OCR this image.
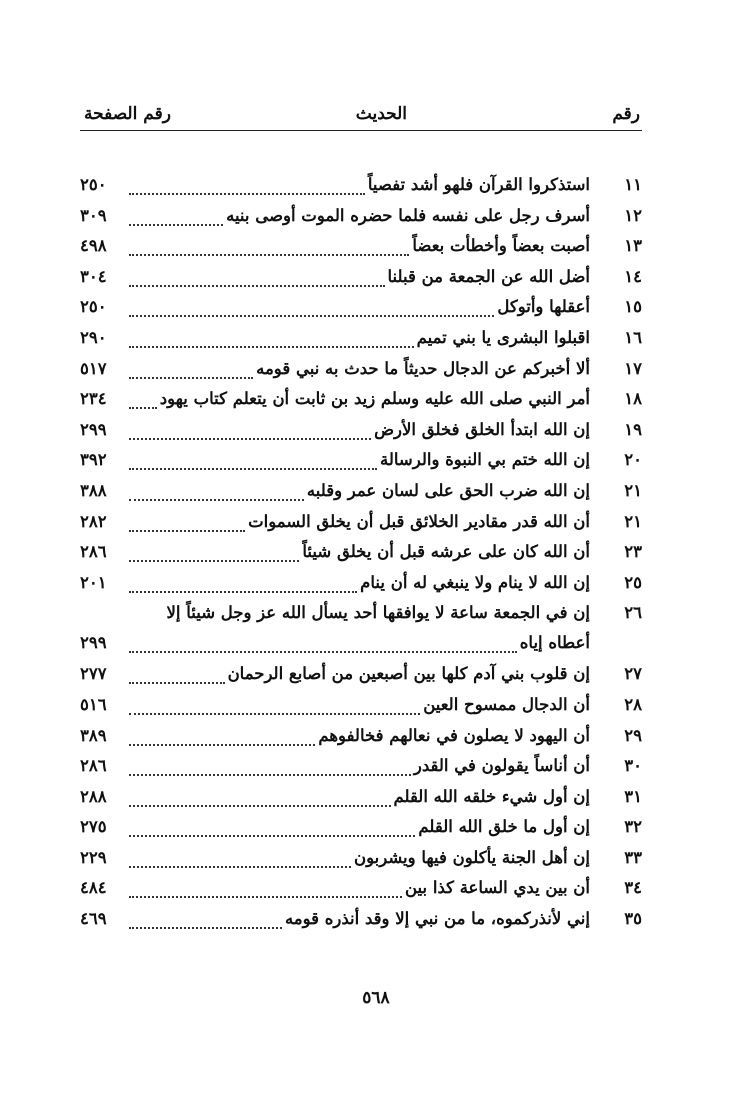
رقم
الحديث
رقم الصفحة
١١
استذكروا القرآن فلهو أشد تفصياً
٢٥٠
١٢
أسرف رجل على نفسه فلما حضره الموت أوصى بنيه
٣٠٩
١٣
أصبت بعضاً وأخطأت بعضاً
٤٩٨
١٤
أضل الله عن الجمعة من قبلنا
٣٠٤
١٥
أعقلها وأتوكل
٢٥٠
١٦
اقبلوا البشرى يا بني تميم
٢٩٠
١٧
ألا أخبركم عن الدجال حديثاً ما حدث به نبي قومه
٥١٧
١٨
أمر النبي صلى الله عليه وسلم زيد بن ثابت أن يتعلم كتاب يهود
٢٣٤
١٩
إن الله ابتدأ الخلق فخلق الأرض
٢٩٩
٢٠
إن الله ختم بي النبوة والرسالة
٣٩٢
٢١
إن الله ضرب الحق على لسان عمر وقلبه
٣٨٨
٢١
أن الله قدر مقادير الخلائق قبل أن يخلق السموات
٢٨٢
٢٣
أن الله كان على عرشه قبل أن يخلق شيئاً
٢٨٦
٢٥
إن الله لا ينام ولا ينبغي له أن ينام
٢٠١
٢٦
إن في الجمعة ساعة لا يوافقها أحد يسأل الله عز وجل شيئاً إلا
أعطاه إياه
٢٩٩
٢٧
إن قلوب بني آدم كلها بين أصبعين من أصابع الرحمان
٢٧٧
٢٨
أن الدجال ممسوح العين
٥١٦
٢٩
أن اليهود لا يصلون في نعالهم فخالفوهم
٣٨٩
٣٠
أن أناساً يقولون في القدر
٢٨٦
٣١
إن أول شيء خلقه الله القلم
٢٨٨
٣٢
إن أول ما خلق الله القلم
٢٧٥
٣٣
إن أهل الجنة يأكلون فيها ويشربون
٢٢٩
٣٤
أن بين يدي الساعة كذا بين
٤٨٤
٣٥
إني لأنذركموه، ما من نبي إلا وقد أنذره قومه
٤٦٩
٥٦٨
